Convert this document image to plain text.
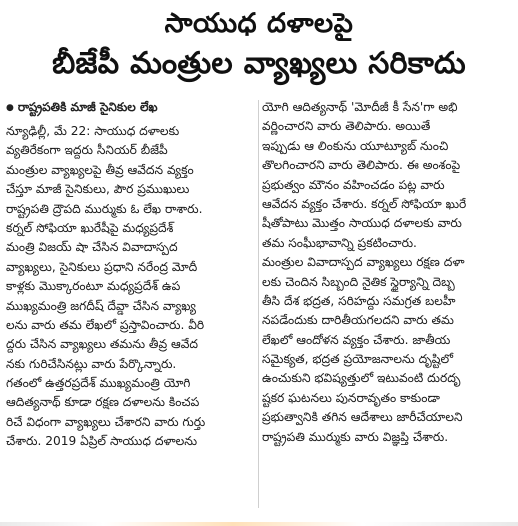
సాయుధ దళాలపై
బీజేపీ మంత్రుల వ్యాఖ్యలు సరికాదు
● రాష్ట్రపతికి మాజీ సైనికుల లేఖ
న్యూఢిల్లీ, మే 22: సాయుధ దళాలకు
వ్యతిరేకంగా ఇద్దరు సీనియర్ బీజేపీ
మంత్రుల వ్యాఖ్యలపై తీవ్ర ఆవేదన వ్యక్తం
చేస్తూ మాజీ సైనికులు, పౌర ప్రముఖులు
రాష్ట్రపతి ద్రౌపది ముర్ముకు ఓ లేఖ రాశారు.
కర్నల్ సోఫియా ఖురేషీపై మధ్యప్రదేశ్
మంత్రి విజయ్ షా చేసిన వివాదాస్పద
వ్యాఖ్యలు, సైనికులు ప్రధాని నరేంద్ర మోదీ
కాళ్లకు మొక్కారంటూ మధ్యప్రదేశ్ ఉప
ముఖ్యమంత్రి జగదీష్ దేవ్డా చేసిన వ్యాఖ్య
లను వారు తమ లేఖలో ప్రస్తావించారు. వీరి
ద్దరు చేసిన వ్యాఖ్యలు తమను తీవ్ర ఆవేద
నకు గురిచేసినట్లు వారు పేర్కొన్నారు.
గతంలో ఉత్తరప్రదేశ్ ముఖ్యమంత్రి యోగి
ఆదిత్యనాథ్ కూడా రక్షణ దళాలను కించప
రిచే విధంగా వ్యాఖ్యలు చేశారని వారు గుర్తు
చేశారు. 2019 ఏప్రిల్ సాయుధ దళాలను
యోగి ఆదిత్యనాథ్ 'మోదీజీ కీ సేన'గా అభి
వర్ణించారని వారు తెలిపారు. అయితే
ఇప్పుడు ఆ లింకును యూట్యూబ్ నుంచి
తొలగించారని వారు తెలిపారు. ఈ అంశంపై
ప్రభుత్వం మౌనం వహించడం పట్ల వారు
ఆవేదన వ్యక్తం చేశారు. కర్నల్ సోఫియా ఖురే
షీతోపాటు మొత్తం సాయుధ దళాలకు వారు
తమ సంఘీభావాన్ని ప్రకటించారు.
మంత్రుల వివాదాస్పద వ్యాఖ్యలు రక్షణ దళా
లకు చెందిన సిబ్బంది నైతిక స్థైర్యాన్ని దెబ్బ
తీసి దేశ భద్రత, సరిహద్దు సమగ్రత బలహీ
నపడేందుకు దారితీయగలదని వారు తమ
లేఖలో ఆందోళన వ్యక్తం చేశారు. జాతీయ
సమైక్యత, భద్రత ప్రయోజనాలను దృష్టిలో
ఉంచుకుని భవిష్యత్తులో ఇటువంటి దురదృ
ష్టకర ఘటనలు పునరావృతం కాకుండా
ప్రభుత్వానికి తగిన ఆదేశాలు జారీచేయాలని
రాష్ట్రపతి ముర్ముకు వారు విజ్ఞప్తి చేశారు.
